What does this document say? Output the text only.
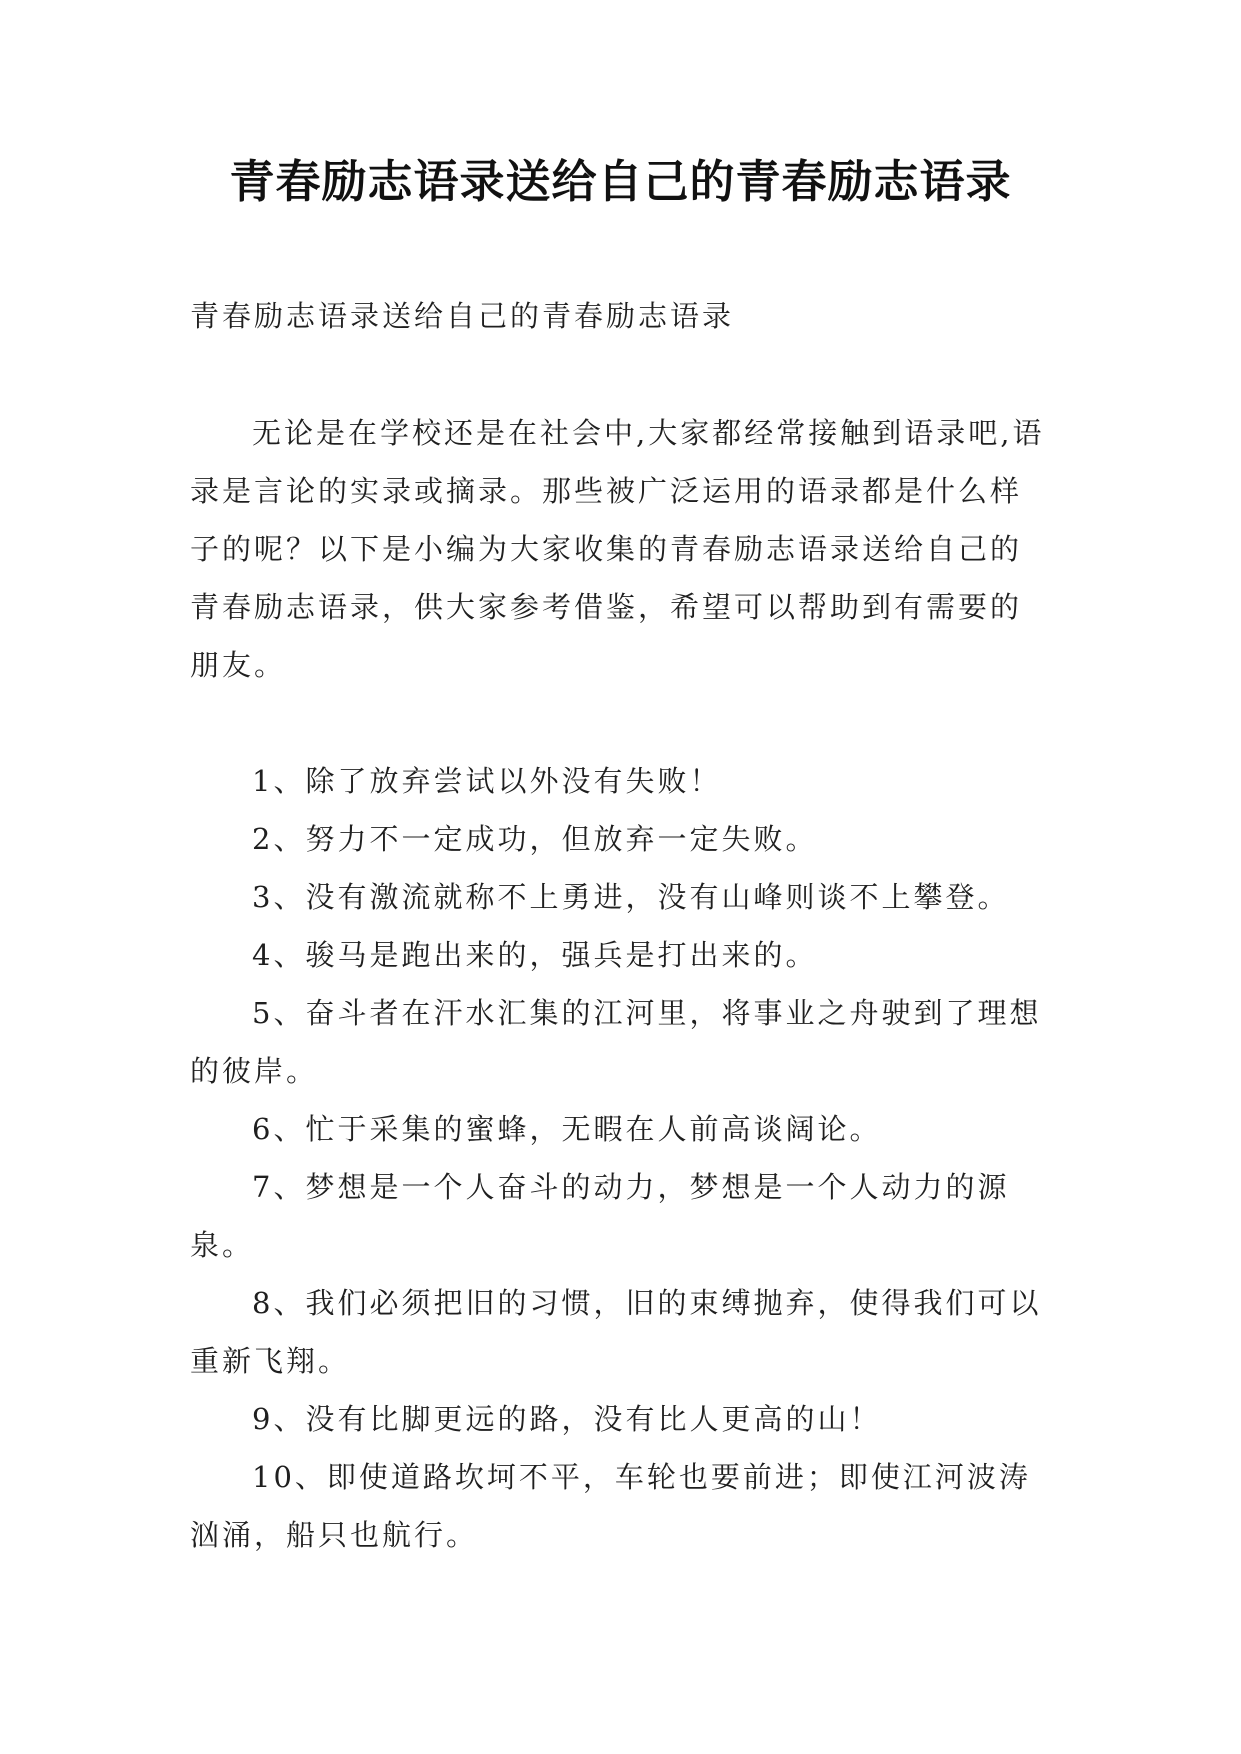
青春励志语录送给自己的青春励志语录
青春励志语录送给自己的青春励志语录
无论是在学校还是在社会中,大家都经常接触到语录吧,语录是言论的实录或摘录。那些被广泛运用的语录都是什么样子的呢？以下是小编为大家收集的青春励志语录送给自己的青春励志语录，供大家参考借鉴，希望可以帮助到有需要的朋友。

1、除了放弃尝试以外没有失败！

2、努力不一定成功，但放弃一定失败。

3、没有激流就称不上勇进，没有山峰则谈不上攀登。

4、骏马是跑出来的，强兵是打出来的。

5、奋斗者在汗水汇集的江河里，将事业之舟驶到了理想的彼岸。

6、忙于采集的蜜蜂，无暇在人前高谈阔论。

7、梦想是一个人奋斗的动力，梦想是一个人动力的源泉。

8、我们必须把旧的习惯，旧的束缚抛弃，使得我们可以重新飞翔。

9、没有比脚更远的路，没有比人更高的山！

10、即使道路坎坷不平，车轮也要前进；即使江河波涛汹涌，船只也航行。
